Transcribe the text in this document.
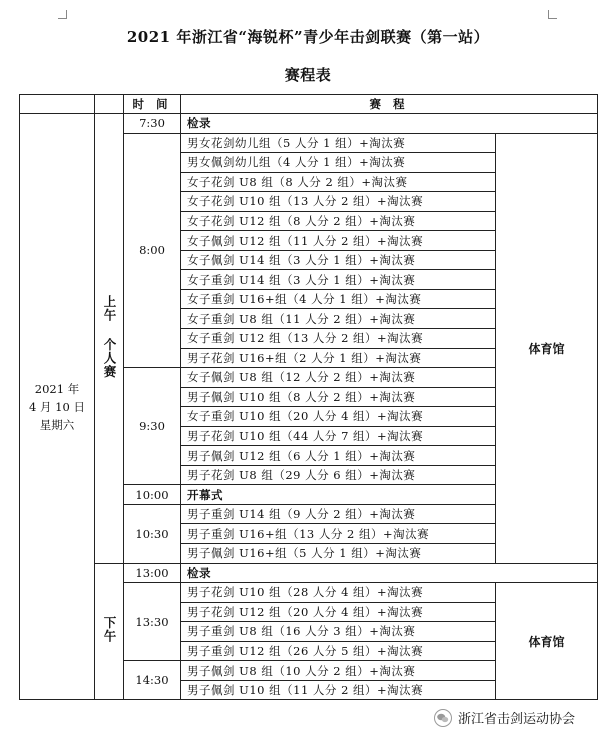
2021 年浙江省“海锐杯”青少年击剑联赛（第一站）
赛程表
		时 间	赛 程	

2021 年
4 月 10 日
星期六	上午 个人赛	7:30	检录	
		8:00	男女花剑幼儿组（5 人分 1 组）+淘汰赛	体育馆
			男女佩剑幼儿组（4 人分 1 组）+淘汰赛	
			女子花剑 U8 组（8 人分 2 组）+淘汰赛	
			女子花剑 U10 组（13 人分 2 组）+淘汰赛	
			女子花剑 U12 组（8 人分 2 组）+淘汰赛	
			女子佩剑 U12 组（11 人分 2 组）+淘汰赛	
			女子佩剑 U14 组（3 人分 1 组）+淘汰赛	
			女子重剑 U14 组（3 人分 1 组）+淘汰赛	
			女子重剑 U16+组（4 人分 1 组）+淘汰赛	
			女子重剑 U8 组（11 人分 2 组）+淘汰赛	
			女子重剑 U12 组（13 人分 2 组）+淘汰赛	
			男子花剑 U16+组（2 人分 1 组）+淘汰赛	
		9:30	女子佩剑 U8 组（12 人分 2 组）+淘汰赛	
			男子佩剑 U10 组（8 人分 2 组）+淘汰赛	
			女子重剑 U10 组（20 人分 4 组）+淘汰赛	
			男子花剑 U10 组（44 人分 7 组）+淘汰赛	
			男子佩剑 U12 组（6 人分 1 组）+淘汰赛	
			男子花剑 U8 组（29 人分 6 组）+淘汰赛	
		10:00	开幕式	
		10:30	男子重剑 U14 组（9 人分 2 组）+淘汰赛	
			男子重剑 U16+组（13 人分 2 组）+淘汰赛	
			男子佩剑 U16+组（5 人分 1 组）+淘汰赛	
	下午	13:00	检录	
		13:30	男子花剑 U10 组（28 人分 4 组）+淘汰赛	体育馆
			男子花剑 U12 组（20 人分 4 组）+淘汰赛	
			男子重剑 U8 组（16 人分 3 组）+淘汰赛	
			男子重剑 U12 组（26 人分 5 组）+淘汰赛	
		14:30	男子佩剑 U8 组（10 人分 2 组）+淘汰赛	
			男子佩剑 U10 组（11 人分 2 组）+淘汰赛	
浙江省击剑运动协会
